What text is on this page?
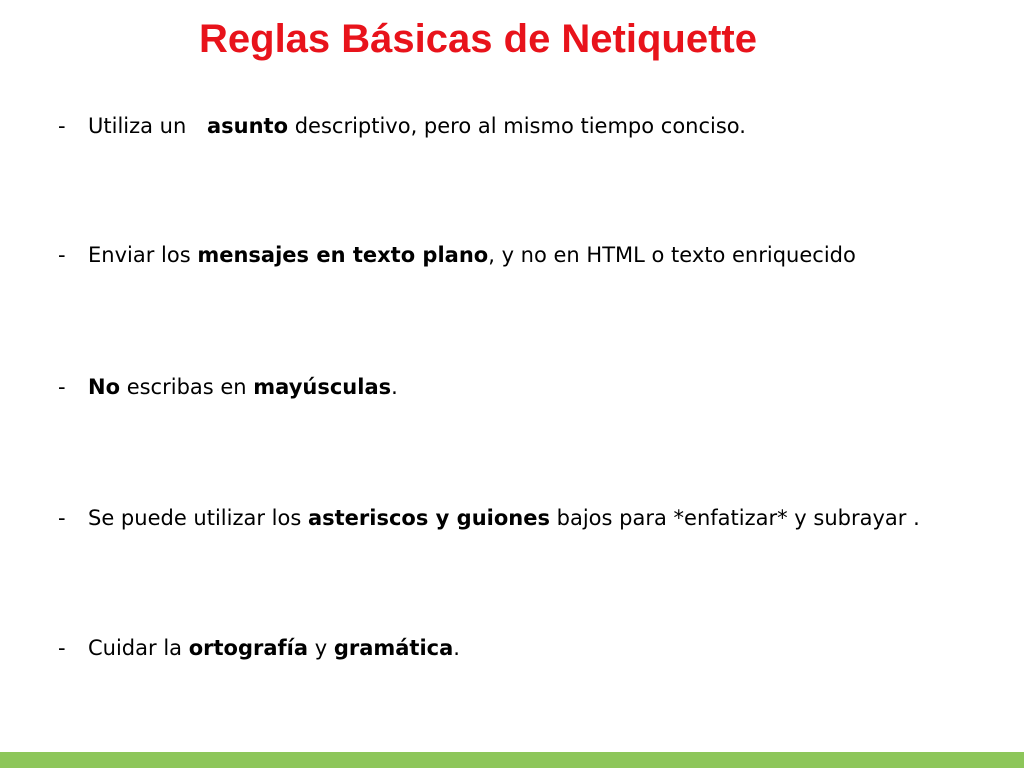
Reglas Básicas de Netiquette
- Utiliza un asunto descriptivo, pero al mismo tiempo conciso.
- Enviar los mensajes en texto plano, y no en HTML o texto enriquecido
- No escribas en mayúsculas.
- Se puede utilizar los asteriscos y guiones bajos para *enfatizar* y subrayar .
- Cuidar la ortografía y gramática.
